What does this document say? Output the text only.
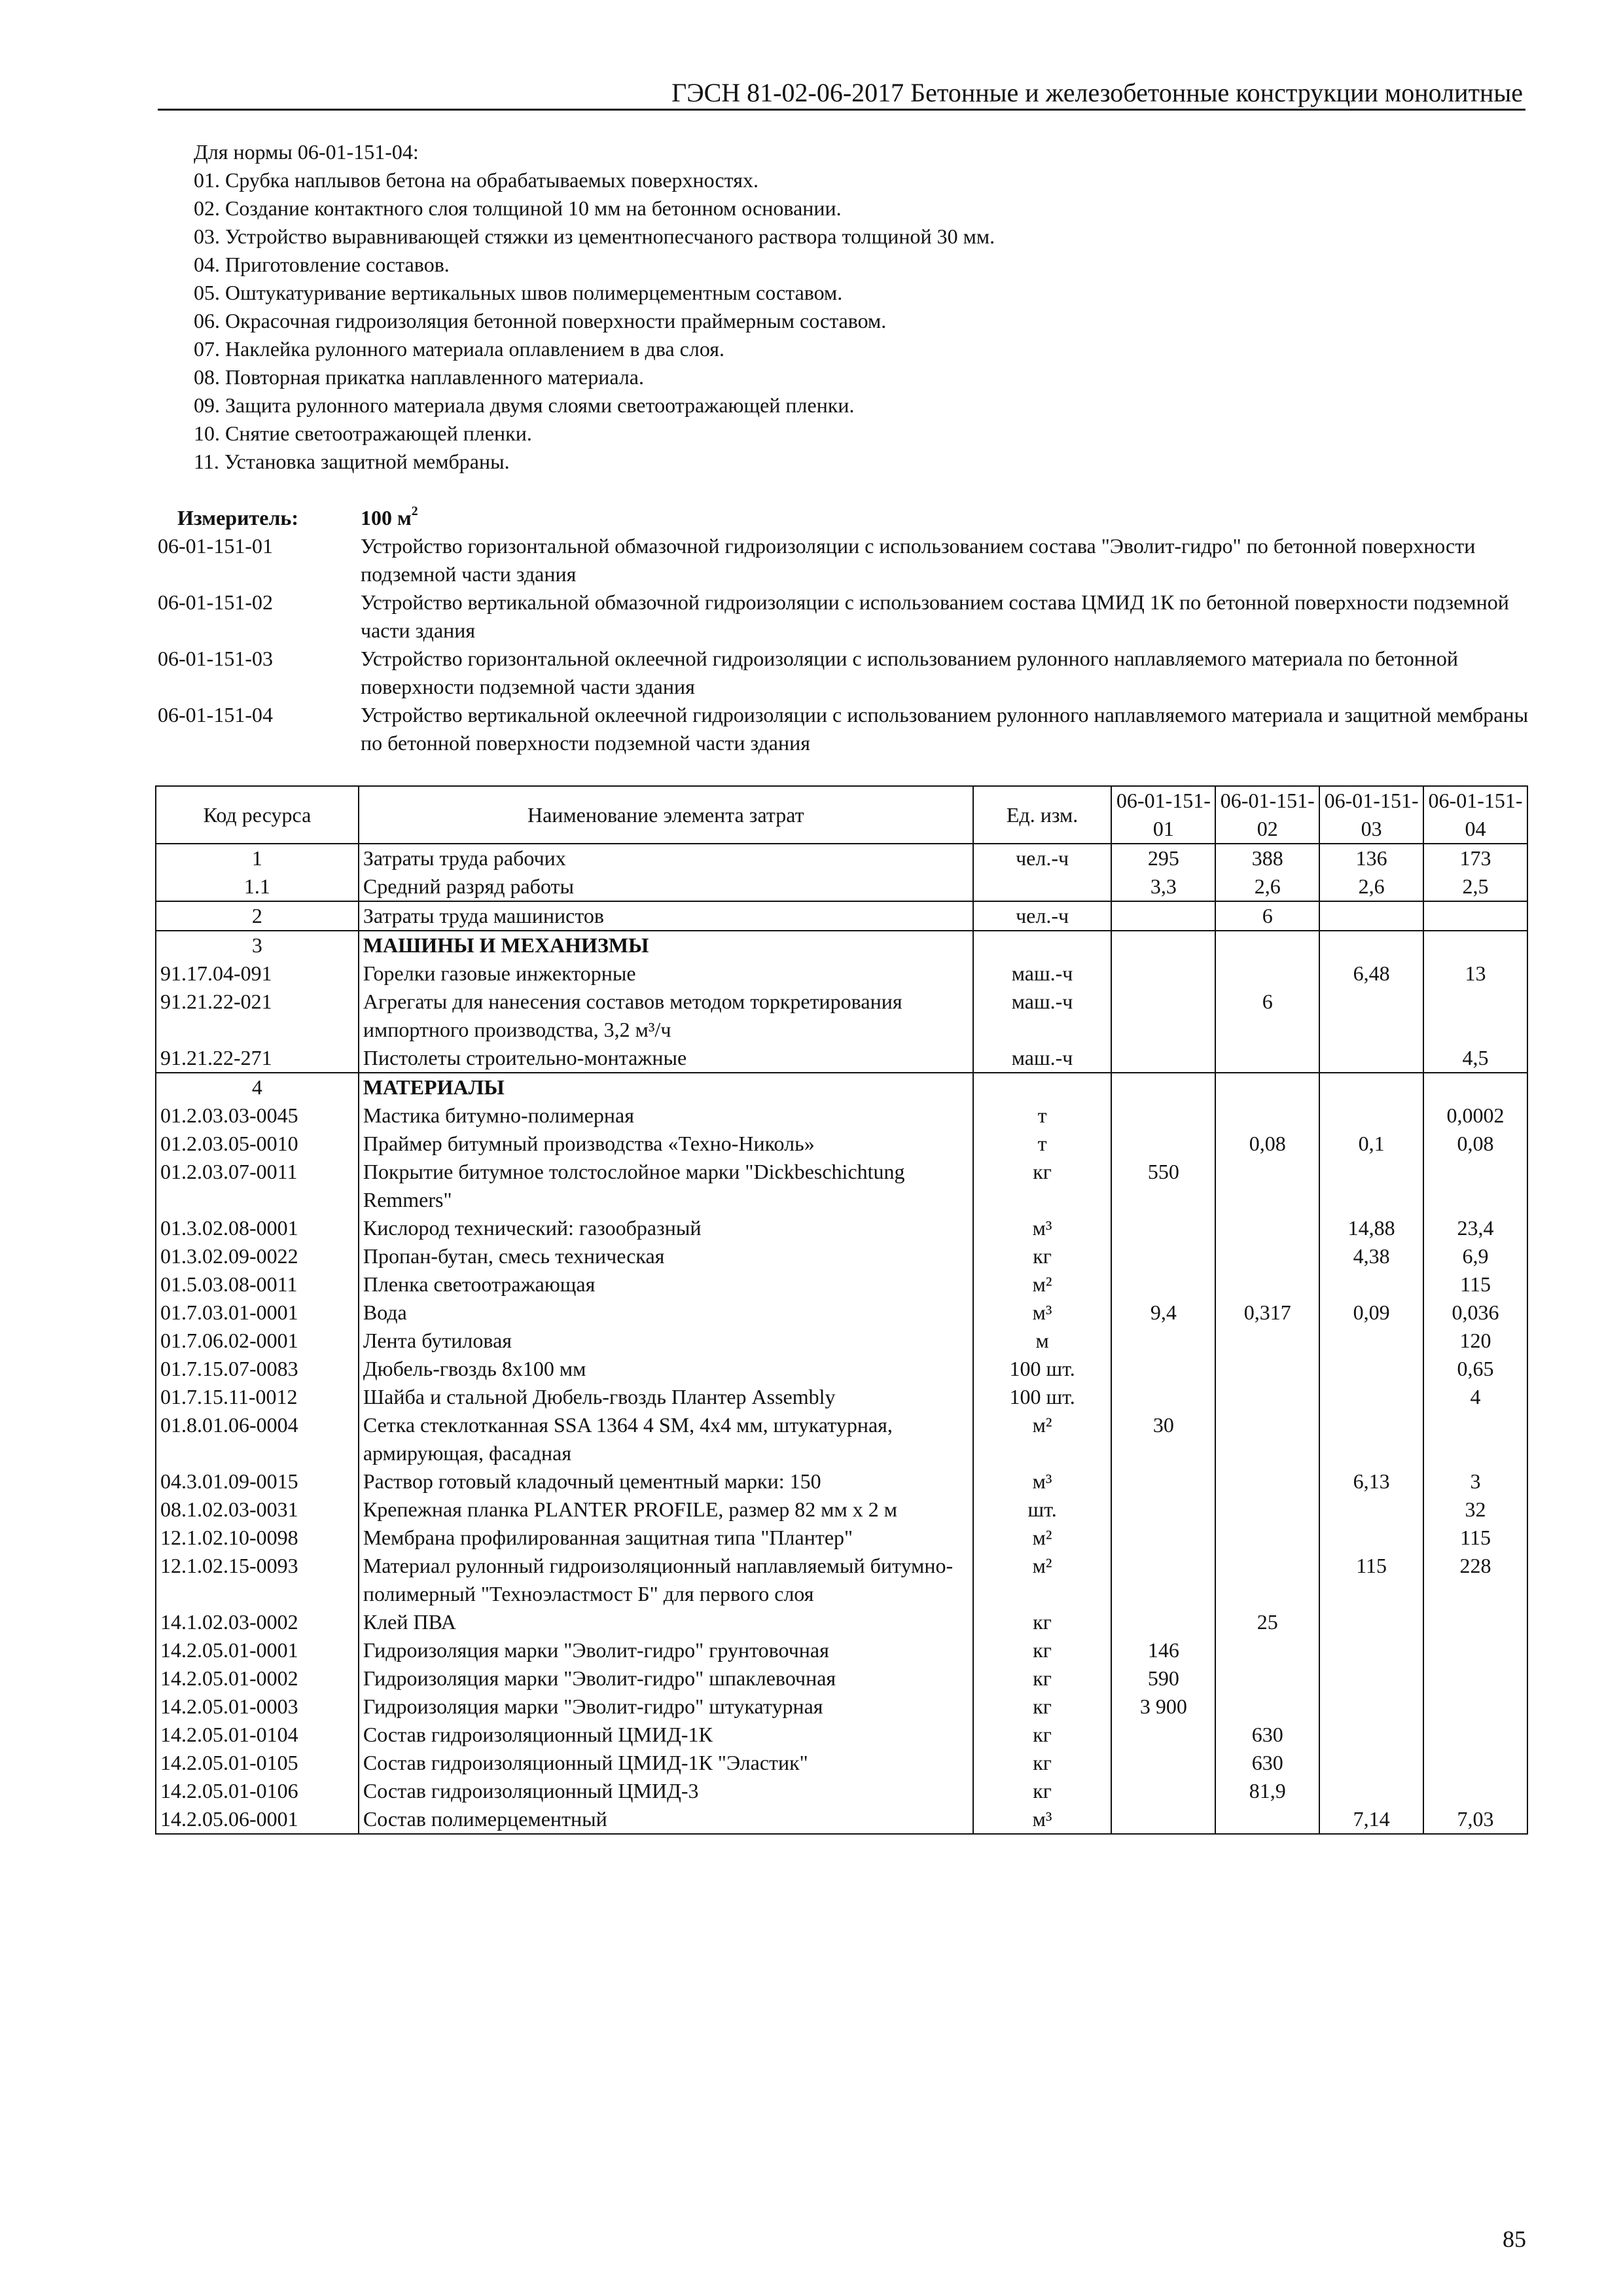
ГЭСН 81-02-06-2017 Бетонные и железобетонные конструкции монолитные
Для нормы 06-01-151-04:
01. Срубка наплывов бетона на обрабатываемых поверхностях.
02. Создание контактного слоя толщиной 10 мм на бетонном основании.
03. Устройство выравнивающей стяжки из цементнопесчаного раствора толщиной 30 мм.
04. Приготовление составов.
05. Оштукатуривание вертикальных швов полимерцементным составом.
06. Окрасочная гидроизоляция бетонной поверхности праймерным составом.
07. Наклейка рулонного материала оплавлением в два слоя.
08. Повторная прикатка наплавленного материала.
09. Защита рулонного материала двумя слоями светоотражающей пленки.
10. Снятие светоотражающей пленки.
11. Установка защитной мембраны.
Измеритель:	100 $м^2$
06-01-151-01	Устройство горизонтальной обмазочной гидроизоляции с использованием состава "Эволит-гидро" по бетонной поверхности подземной части здания
06-01-151-02	Устройство вертикальной обмазочной гидроизоляции с использованием состава ЦМИД 1К по бетонной поверхности подземной части здания
06-01-151-03	Устройство горизонтальной оклеечной гидроизоляции с использованием рулонного наплавляемого материала по бетонной поверхности подземной части здания
06-01-151-04	Устройство вертикальной оклеечной гидроизоляции с использованием рулонного наплавляемого материала и защитной мембраны по бетонной поверхности подземной части здания
Код ресурса	Наименование элемента затрат	Ед. изм.	06-01-151-01	06-01-151-02	06-01-151-03	06-01-151-04
1	Затраты труда рабочих	чел.-ч	295	388	136	173
1.1	Средний разряд работы		3,3	2,6	2,6	2,5
2	Затраты труда машинистов	чел.-ч		6		
3	МАШИНЫ И МЕХАНИЗМЫ					
91.17.04-091	Горелки газовые инжекторные	маш.-ч			6,48	13
91.21.22-021	Агрегаты для нанесения составов методом торкретирования импортного производства, 3,2 м³/ч	маш.-ч		6		
91.21.22-271	Пистолеты строительно-монтажные	маш.-ч				4,5
4	МАТЕРИАЛЫ					
01.2.03.03-0045	Мастика битумно-полимерная	т				0,0002
01.2.03.05-0010	Праймер битумный производства «Техно-Николь»	т		0,08	0,1	0,08
01.2.03.07-0011	Покрытие битумное толстослойное марки "Dickbeschichtung Remmers"	кг	550			
01.3.02.08-0001	Кислород технический: газообразный	м³			14,88	23,4
01.3.02.09-0022	Пропан-бутан, смесь техническая	кг			4,38	6,9
01.5.03.08-0011	Пленка светоотражающая	м²				115
01.7.03.01-0001	Вода	м³	9,4	0,317	0,09	0,036
01.7.06.02-0001	Лента бутиловая	м				120
01.7.15.07-0083	Дюбель-гвоздь 8х100 мм	100 шт.				0,65
01.7.15.11-0012	Шайба и стальной Дюбель-гвоздь Плантер Assembly	100 шт.				4
01.8.01.06-0004	Сетка стеклотканная SSA 1364 4 SM, 4х4 мм, штукатурная, армирующая, фасадная	м²	30			
04.3.01.09-0015	Раствор готовый кладочный цементный марки: 150	м³			6,13	3
08.1.02.03-0031	Крепежная планка PLANTER PROFILE, размер 82 мм х 2 м	шт.				32
12.1.02.10-0098	Мембрана профилированная защитная типа "Плантер"	м²				115
12.1.02.15-0093	Материал рулонный гидроизоляционный наплавляемый битумно- полимерный "Техноэластмост Б" для первого слоя	м²			115	228
14.1.02.03-0002	Клей ПВА	кг		25		
14.2.05.01-0001	Гидроизоляция марки "Эволит-гидро" грунтовочная	кг	146			
14.2.05.01-0002	Гидроизоляция марки "Эволит-гидро" шпаклевочная	кг	590			
14.2.05.01-0003	Гидроизоляция марки "Эволит-гидро" штукатурная	кг	3 900			
14.2.05.01-0104	Состав гидроизоляционный ЦМИД-1К	кг		630		
14.2.05.01-0105	Состав гидроизоляционный ЦМИД-1К "Эластик"	кг		630		
14.2.05.01-0106	Состав гидроизоляционный ЦМИД-3	кг		81,9		
14.2.05.06-0001	Состав полимерцементный	м³			7,14	7,03
85
